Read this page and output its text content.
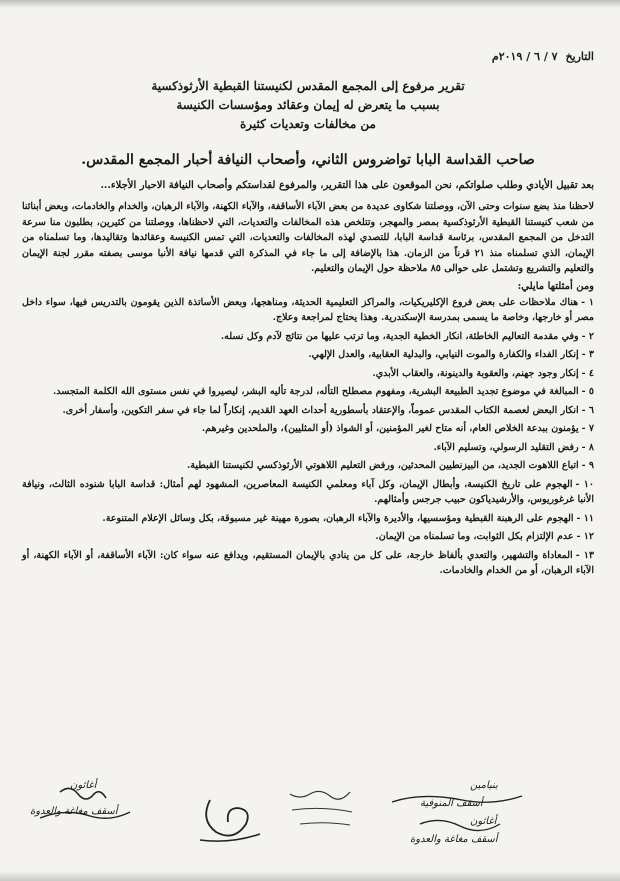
التاريخ ٧ / ٦ / ٢٠١٩م
تقرير مرفوع إلى المجمع المقدس لكنيستنا القبطية الأرثوذكسية
بسبب ما يتعرض له إيمان وعقائد ومؤسسات الكنيسة
من مخالفات وتعديات كثيرة
صاحب القداسة البابا تواضروس الثاني، وأصحاب النيافة أحبار المجمع المقدس.

بعد تقبيل الأيادي وطلب صلواتكم، نحن الموقعون على هذا التقرير، والمرفوع لقداستكم وأصحاب النيافة الاحبار الأجلاء...

لاحظنا منذ بضع سنوات وحتى الآن، ووصلتنا شكاوى عديدة من بعض الآباء الأساقفة، والآباء الكهنة، والآباء الرهبان، والخدام والخادمات، وبعض أبنائنا من شعب كنيستنا القبطية الأرثوذكسية بمصر والمهجر، وتتلخص هذه المخالفات والتعديات، التي لاحظناها، ووصلتنا من كثيرين، بطلبون منا سرعة التدخل من المجمع المقدس، برئاسة قداسة البابا، للتصدي لهذه المخالفات والتعديات، التي تمس الكنيسة وعقائدها وتقاليدها، وما تسلمناه من الإيمان، الذي تسلمناه منذ ٢١ قرناً من الزمان. هذا بالإضافة إلى ما جاء في المذكرة التي قدمها نيافة الأنبا موسى بصفته مقرر لجنة الإيمان والتعليم والتشريع وتشتمل على حوالى ٨٥ ملاحظة حول الإيمان والتعليم.

ومن أمثلتها مايلي:

١ -هناك ملاحظات على بعض فروع الإكليريكيات، والمراكز التعليمية الحديثة، ومناهجها، وبعض الأساتذة الذين يقومون بالتدريس فيها، سواء داخل مصر أو خارجها، وخاصة ما يسمى بمدرسة الإسكندرية. وهذا يحتاج لمراجعة وعلاج.
٢ -وفي مقدمة التعاليم الخاطئة، انكار الخطية الجدية، وما ترتب عليها من نتائج لآدم وكل نسله.
٣ -إنكار الفداء والكفارة والموت النيابي، والبدلية العقابية، والعدل الإلهي.
٤ -إنكار وجود جهنم، والعقوبة والدينونة، والعقاب الأبدي.
٥ -المبالغة في موضوع تجديد الطبيعة البشرية، ومفهوم مصطلح التأله، لدرجة تأليه البشر، ليصيروا في نفس مستوى الله الكلمة المتجسد.
٦ -انكار البعض لعصمة الكتاب المقدس عموماً، والإعتقاد بأسطورية أحداث العهد القديم، إنكاراً لما جاء في سفر التكوين، وأسفار أخرى.
٧ -يؤمنون ببدعة الخلاص العام، أنه متاح لغير المؤمنين، أو الشواذ (أو المثليين)، والملحدين وغيرهم.
٨ -رفض التقليد الرسولي، وتسليم الآباء.
٩ -اتباع اللاهوت الجديد، من البيزنطيين المحدثين، ورفض التعليم اللاهوتي الأرثوذكسي لكنيستنا القبطية.
١٠ -الهجوم على تاريخ الكنيسة، وأبطال الإيمان، وكل آباء ومعلمي الكنيسة المعاصرين، المشهود لهم أمثال: قداسة البابا شنوده الثالث، ونيافة الأنبا غرغوريوس، والأرشيدياكون حبيب جرجس وأمثالهم.
١١ -الهجوم على الرهبنة القبطية ومؤسسيها، والأديرة والآباء الرهبان، بصورة مهينة غير مسبوقة، بكل وسائل الإعلام المتنوعة.
١٢ -عدم الإلتزام بكل الثوابت، وما تسلمناه من الإيمان.
١٣ -المعاداة والتشهير، والتعدي بألفاظ خارجة، على كل من ينادي بالإيمان المستقيم، ويدافع عنه سواء كان: الآباء الأساقفة، أو الآباء الكهنة، أو الآباء الرهبان، أو من الخدام والخادمات.
أغاثون
أسقف مغاغة والعدوة
بنيامين
أسقف المنوفية
أغاثون
أسقف مغاغة والعدوة
